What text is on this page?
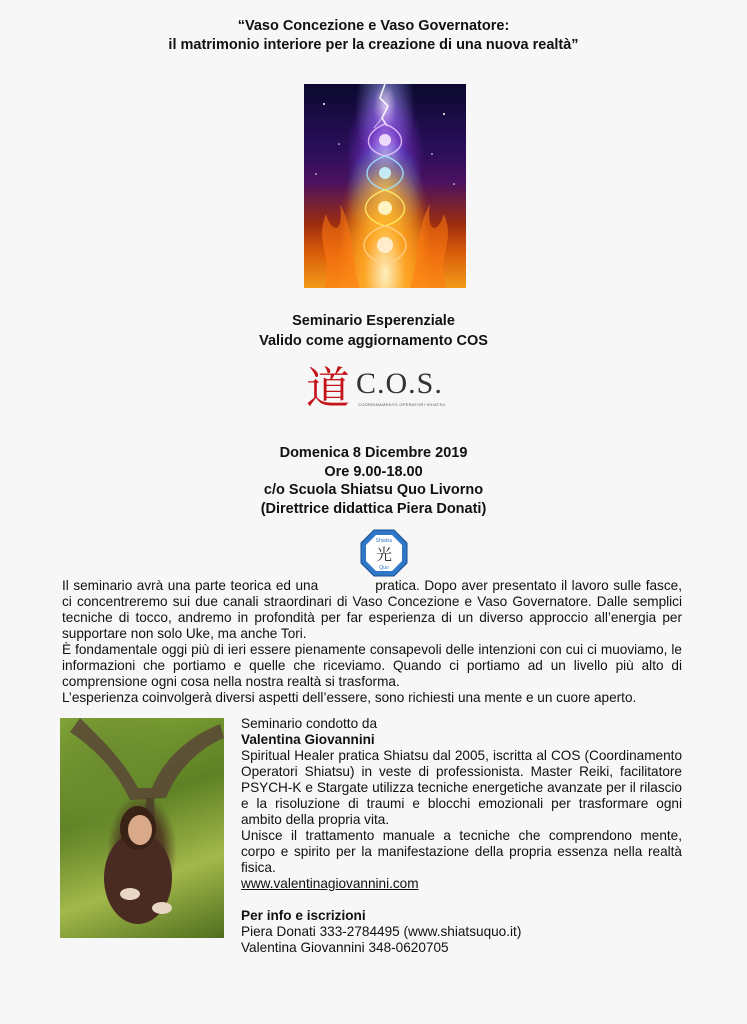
“Vaso Concezione e Vaso Governatore:
il matrimonio interiore per la creazione di una nuova realtà”
Seminario Esperenziale
Valido come aggiornamento COS
道 C.O.S.
COORDINAMENTO OPERATORI SHIATSU
Domenica 8 Dicembre 2019
Ore 9.00-18.00
c/o Scuola Shiatsu Quo Livorno
(Direttrice didattica Piera Donati)
Shiatsu
光
Quo

Il seminario avrà una parte teorica ed una	pratica. Dopo aver presentato il lavoro sulle fasce, ci concentreremo sui due canali straordinari di Vaso Concezione e Vaso Governatore. Dalle semplici tecniche di tocco, andremo in profondità per far esperienza di un diverso approccio all’energia per supportare non solo Uke, ma anche Tori.

È fondamentale oggi più di ieri essere pienamente consapevoli delle intenzioni con cui ci muoviamo, le informazioni che portiamo e quelle che riceviamo. Quando ci portiamo ad un livello più alto di comprensione ogni cosa nella nostra realtà si trasforma.

L’esperienza coinvolgerà diversi aspetti dell’essere, sono richiesti una mente e un cuore aperto.

Seminario condotto da
Valentina Giovannini

Spiritual Healer pratica Shiatsu dal 2005, iscritta al COS (Coordinamento Operatori Shiatsu) in veste di professionista. Master Reiki, facilitatore PSYCH-K e Stargate utilizza tecniche energetiche avanzate per il rilascio e la risoluzione di traumi e blocchi emozionali per trasformare ogni ambito della propria vita.

Unisce il trattamento manuale a tecniche che comprendono mente, corpo e spirito per la manifestazione della propria essenza nella realtà fisica.

www.valentinagiovannini.com
Per info e iscrizioni
Piera Donati 333-2784495 (www.shiatsuquo.it)
Valentina Giovannini 348-0620705
